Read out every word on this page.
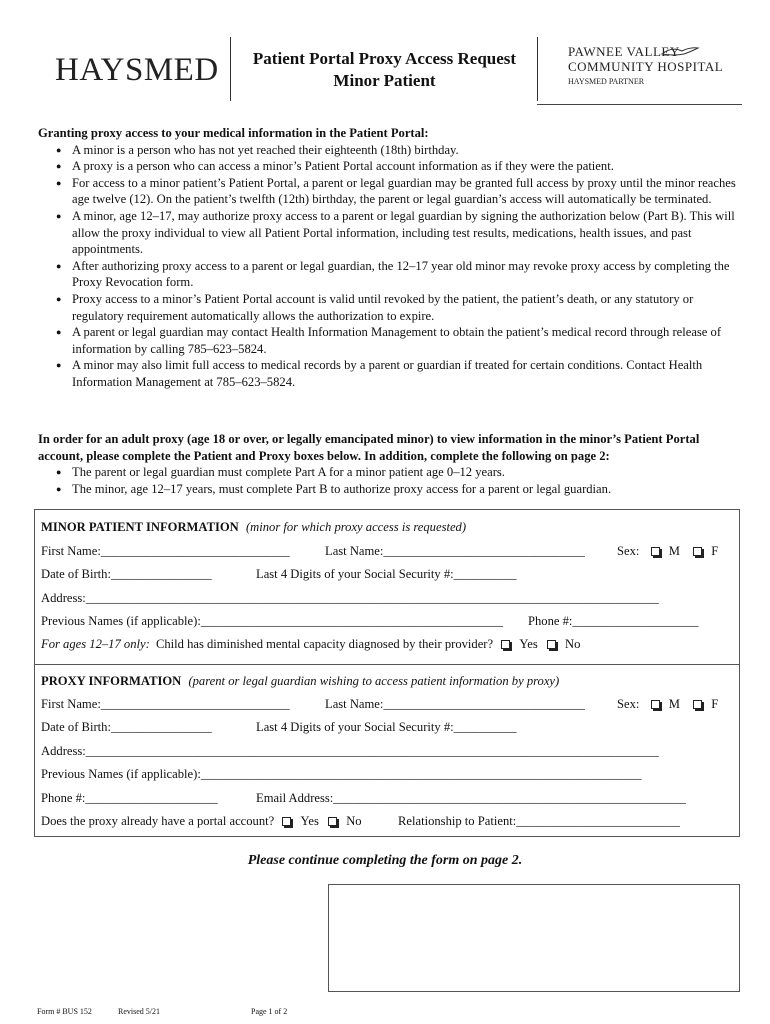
HAYSMED	Patient Portal Proxy Access Request
Minor Patient
PAWNEE VALLEY
COMMUNITY HOSPITAL
HAYSMED PARTNER
Granting proxy access to your medical information in the Patient Portal:
● A minor is a person who has not yet reached their eighteenth (18th) birthday.
● A proxy is a person who can access a minor’s Patient Portal account information as if they were the patient.
● For access to a minor patient’s Patient Portal, a parent or legal guardian may be granted full access by proxy until the minor reaches age twelve (12). On the patient’s twelfth (12th) birthday, the parent or legal guardian’s access will automatically be terminated.
● A minor, age 12–17, may authorize proxy access to a parent or legal guardian by signing the authorization below (Part B). This will allow the proxy individual to view all Patient Portal information, including test results, medications, health issues, and past appointments.
● After authorizing proxy access to a parent or legal guardian, the 12–17 year old minor may revoke proxy access by completing the Proxy Revocation form.
● Proxy access to a minor’s Patient Portal account is valid until revoked by the patient, the patient’s death, or any statutory or regulatory requirement automatically allows the authorization to expire.
● A parent or legal guardian may contact Health Information Management to obtain the patient’s medical record through release of information by calling 785–623–5824.
● A minor may also limit full access to medical records by a parent or guardian if treated for certain conditions. Contact Health Information Management at 785–623–5824.

In order for an adult proxy (age 18 or over, or legally emancipated minor) to view information in the minor’s Patient Portal account, please complete the Patient and Proxy boxes below. In addition, complete the following on page 2:

● The parent or legal guardian must complete Part A for a minor patient age 0–12 years.
● The minor, age 12–17 years, must complete Part B to authorize proxy access for a parent or legal guardian.
MINOR PATIENT INFORMATION (minor for which proxy access is requested)
First Name:______________________________	Last Name:________________________________	Sex: M F
Date of Birth:________________	Last 4 Digits of your Social Security #:__________
Address:___________________________________________________________________________________________
Previous Names (if applicable):________________________________________________ Phone #:____________________
For ages 12–17 only: Child has diminished mental capacity diagnosed by their provider? Yes No
PROXY INFORMATION (parent or legal guardian wishing to access patient information by proxy)
First Name:______________________________	Last Name:________________________________	Sex: M F
Date of Birth:________________	Last 4 Digits of your Social Security #:__________
Address:___________________________________________________________________________________________
Previous Names (if applicable):______________________________________________________________________
Phone #:_____________________	Email Address:________________________________________________________
Does the proxy already have a portal account? Yes No	Relationship to Patient:__________________________
Please continue completing the form on page 2.
Form # BUS 152	Revised 5/21	Page 1 of 2
